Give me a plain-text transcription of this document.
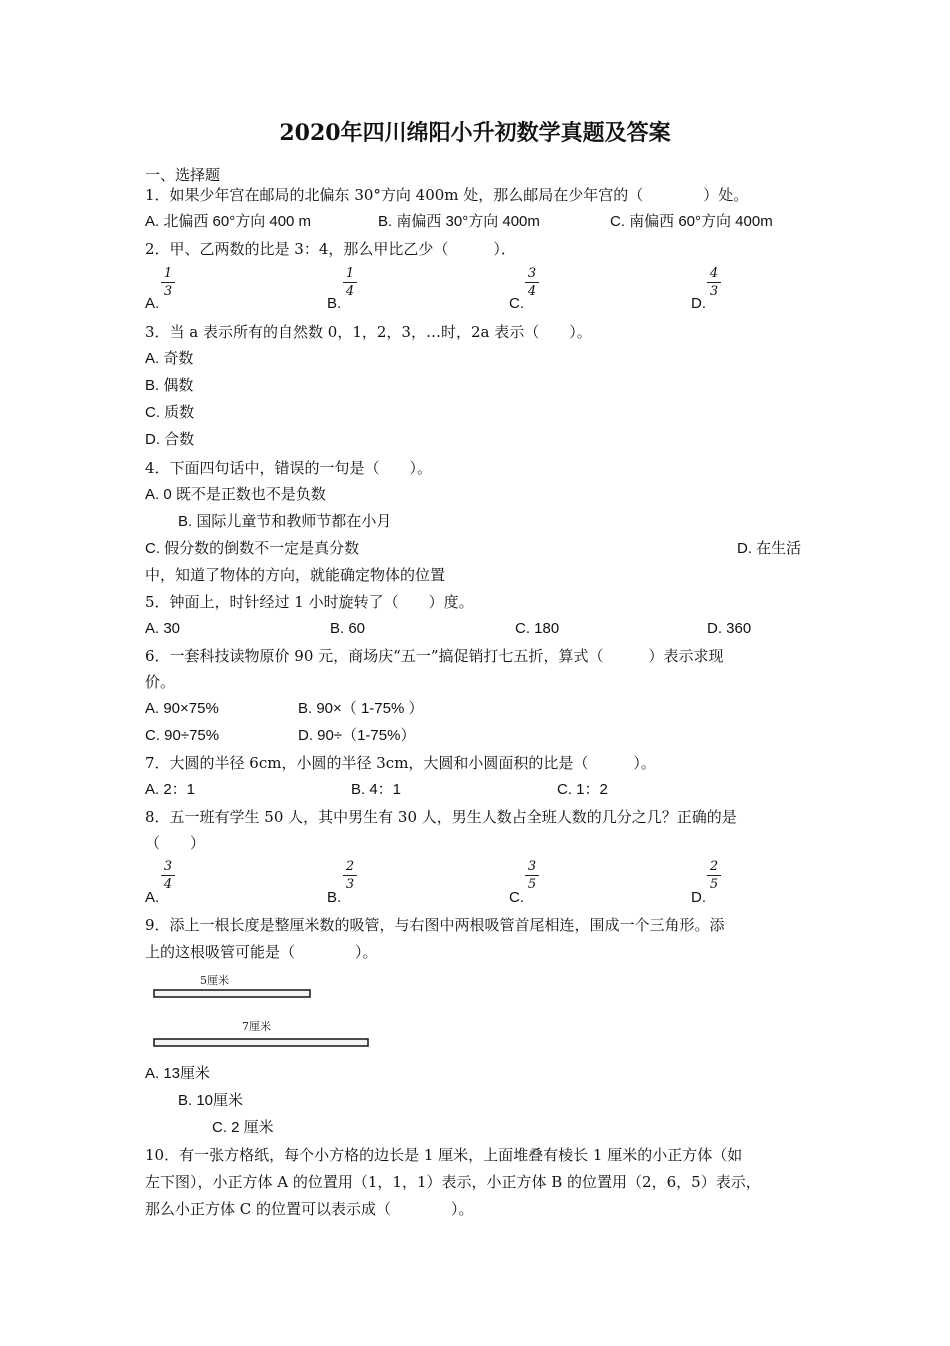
2020年四川绵阳小升初数学真题及答案
一、选择题
1．如果少年宫在邮局的北偏东 30°方向 400m 处，那么邮局在少年宫的（　　　　）处。
A. 北偏西 60°方向 400 m	B. 南偏西 30°方向 400m	C. 南偏西 60°方向 400m
2．甲、乙两数的比是 3：4，那么甲比乙少（　　　）．
A.
1
3
B.
1
4
C.
3
4
D.
4
3
3．当 a 表示所有的自然数 0，1，2，3，…时，2a 表示（　　）。
A. 奇数
B. 偶数
C. 质数
D. 合数
4．下面四句话中，错误的一句是（　　）。
A. 0 既不是正数也不是负数
B. 国际儿童节和教师节都在小月
C. 假分数的倒数不一定是真分数	D. 在生活
中，知道了物体的方向，就能确定物体的位置
5．钟面上，时针经过 1 小时旋转了（　　）度。
A. 30	B. 60	C. 180	D. 360
6．一套科技读物原价 90 元，商场庆“五一”搞促销打七五折，算式（　　　）表示求现
价。
A. 90×75%	B. 90×（ 1-75% ）
C. 90÷75%	D. 90÷（1-75%）
7．大圆的半径 6cm，小圆的半径 3cm，大圆和小圆面积的比是（　　　）。
A. 2：1	B. 4：1	C. 1：2
8．五一班有学生 50 人，其中男生有 30 人，男生人数占全班人数的几分之几？正确的是
（　　）
A.
3
4
B.
2
3
C.
3
5
D.
2
5
9．添上一根长度是整厘米数的吸管，与右图中两根吸管首尾相连，围成一个三角形。添
上的这根吸管可能是（　　　　）。
5厘米
7厘米
A. 13厘米
B. 10厘米
C. 2 厘米
10．有一张方格纸，每个小方格的边长是 1 厘米，上面堆叠有棱长 1 厘米的小正方体（如
左下图），小正方体 A 的位置用（1，1，1）表示，小正方体 B 的位置用（2，6，5）表示，
那么小正方体 C 的位置可以表示成（　　　　）。
